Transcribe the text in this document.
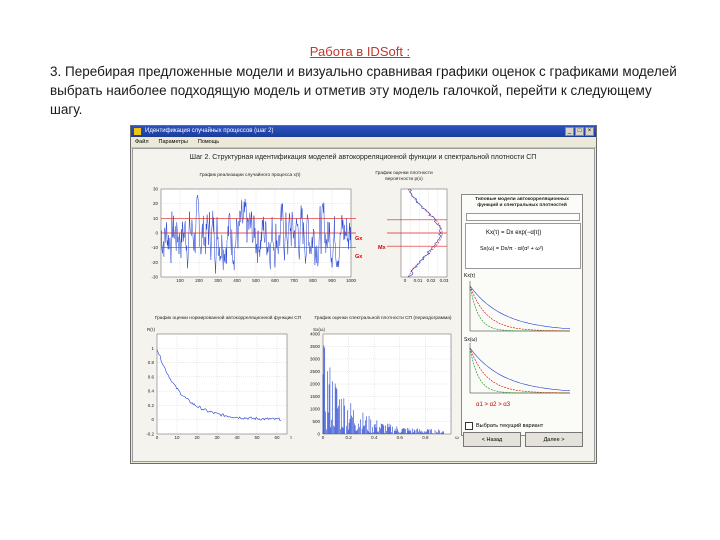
Работа в IDSoft :
3. Перебирая предложенные модели и визуально сравнивая графики оценок с графиками моделей выбрать наиболее подходящую модель и отметив эту модель галочкой, перейти к следующему шагу.
Идентификация случайных процессов (шаг 2)	_	□	×
Файл Параметры Помощь
Шаг 2. Структурная идентификация моделей автокорреляционной функции и спектральной плотности СП
График реализации случайного процесса x(t)	График оценки плотности вероятности p(x)
График оценки нормированной автокорреляционной функции СП	График оценки спектральной плотности СП (периодограмма)
100	200	300	400	500	600	700	800	900 1000
30
20
10
0
-10
-20
-30
0 0.01 0.02 0.03
0	10	20	30	40	50	60
1
0.8
0.6
0.4
0.2
0
-0.2
R(τ)
τ	0	0.2	0.4	0.6	0.8
4000
3500
3000
2500
2000
1500
1000
500
0
Sx(ω)
ω
Gx
Mx
Gx
Типовые модели автокорреляционных функций и спектральных плотностей
Kx(τ) = Dx exp(−α|τ|)
Sx(ω) = Dx/π · α/(α² + ω²)
Kx(τ)
Sx(ω)
α1 > α2 > α3
Выбрать текущий вариант
< Назад	Далее >
